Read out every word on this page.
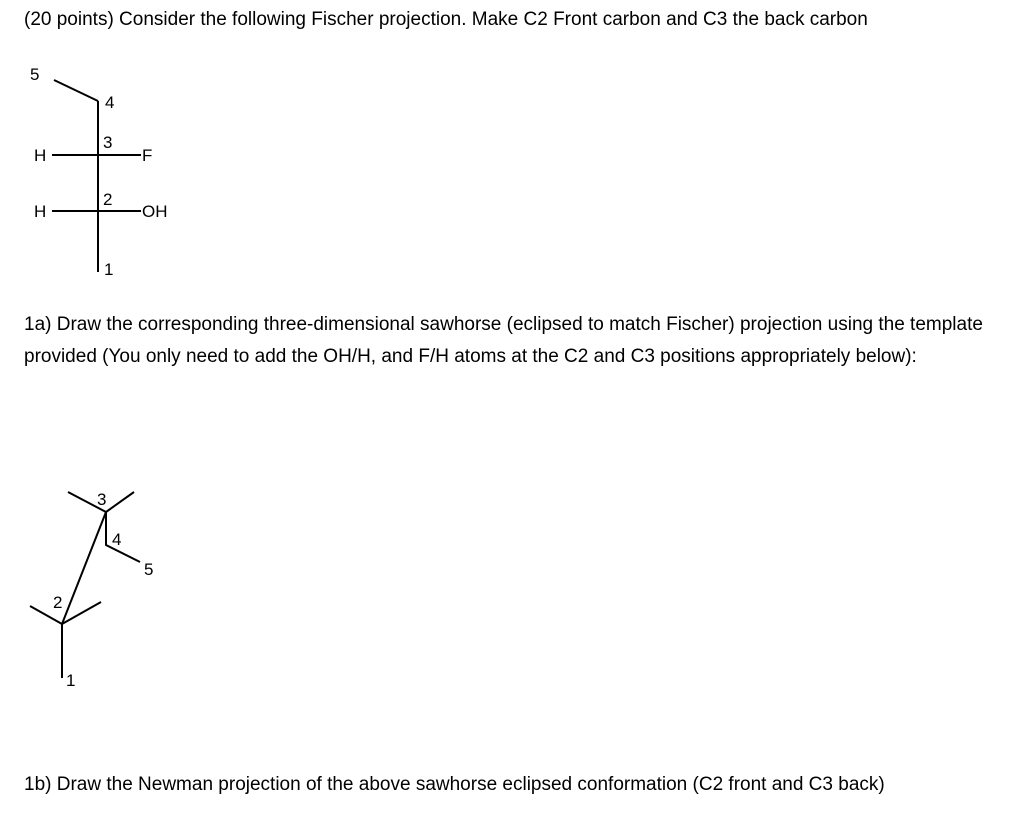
(20 points) Consider the following Fischer projection. Make C2 Front carbon and C3 the back carbon

5
4
3
2
1
H	F
H	OH

1a) Draw the corresponding three-dimensional sawhorse (eclipsed to match Fischer) projection using the template provided (You only need to add the OH/H, and F/H atoms at the C2 and C3 positions appropriately below):

3
4
5
2
1

1b) Draw the Newman projection of the above sawhorse eclipsed conformation (C2 front and C3 back)
